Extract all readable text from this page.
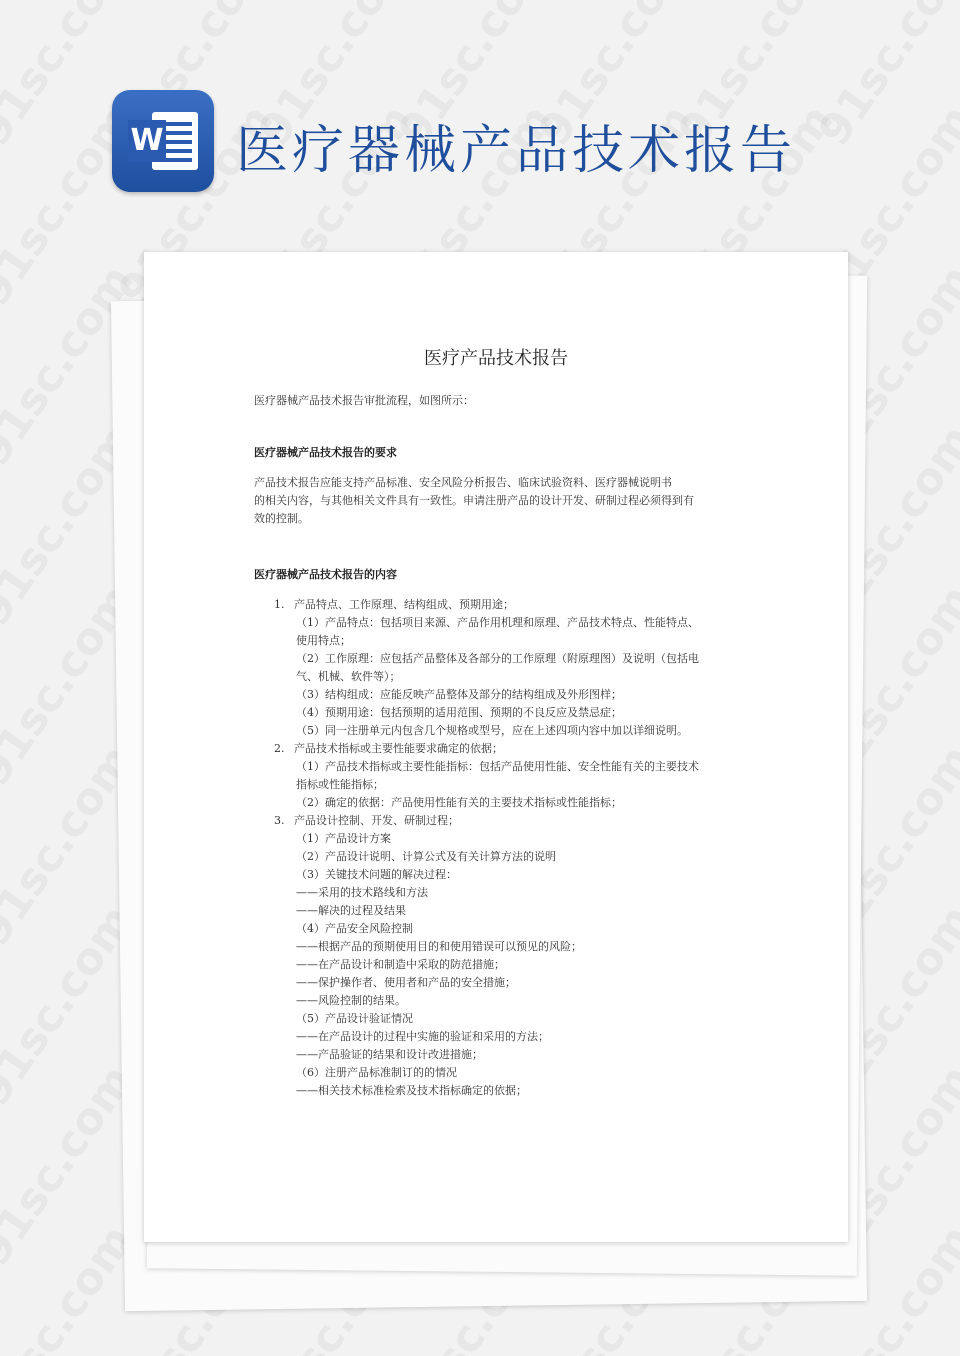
W 医疗器械产品技术报告
医疗产品技术报告
医疗器械产品技术报告审批流程，如图所示：
医疗器械产品技术报告的要求
产品技术报告应能支持产品标准、安全风险分析报告、临床试验资料、医疗器械说明书
的相关内容，与其他相关文件具有一致性。申请注册产品的设计开发、研制过程必须得到有
效的控制。
医疗器械产品技术报告的内容
1. 产品特点、工作原理、结构组成、预期用途；
（1）产品特点：包括项目来源、产品作用机理和原理、产品技术特点、性能特点、
使用特点；
（2）工作原理：应包括产品整体及各部分的工作原理（附原理图）及说明（包括电
气、机械、软件等）；
（3）结构组成：应能反映产品整体及部分的结构组成及外形图样；
（4）预期用途：包括预期的适用范围、预期的不良反应及禁忌症；
（5）同一注册单元内包含几个规格或型号，应在上述四项内容中加以详细说明。
2. 产品技术指标或主要性能要求确定的依据；
（1）产品技术指标或主要性能指标：包括产品使用性能、安全性能有关的主要技术
指标或性能指标；
（2）确定的依据：产品使用性能有关的主要技术指标或性能指标；
3. 产品设计控制、开发、研制过程；
（1）产品设计方案
（2）产品设计说明、计算公式及有关计算方法的说明
（3）关键技术问题的解决过程：
——采用的技术路线和方法
——解决的过程及结果
（4）产品安全风险控制
——根据产品的预期使用目的和使用错误可以预见的风险；
——在产品设计和制造中采取的防范措施；
——保护操作者、使用者和产品的安全措施；
——风险控制的结果。
（5）产品设计验证情况
——在产品设计的过程中实施的验证和采用的方法；
——产品验证的结果和设计改进措施；
（6）注册产品标准制订的的情况
——相关技术标准检索及技术指标确定的依据；
